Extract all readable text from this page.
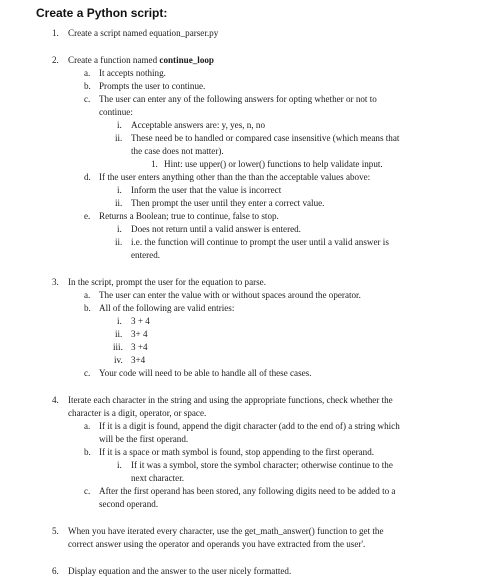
Create a Python script:
1. Create a script named equation_parser.py
2. Create a function named continue_loop
a. It accepts nothing.
b. Prompts the user to continue.
c. The user can enter any of the following answers for opting whether or not to
continue:
i. Acceptable answers are: y, yes, n, no
ii. These need be to handled or compared case insensitive (which means that
the case does not matter).
1. Hint: use upper() or lower() functions to help validate input.
d. If the user enters anything other than the than the acceptable values above:
i. Inform the user that the value is incorrect
ii. Then prompt the user until they enter a correct value.
e. Returns a Boolean; true to continue, false to stop.
i. Does not return until a valid answer is entered.
ii. i.e. the function will continue to prompt the user until a valid answer is
entered.
3. In the script, prompt the user for the equation to parse.
a. The user can enter the value with or without spaces around the operator.
b. All of the following are valid entries:
i. 3 + 4
ii. 3+ 4
iii. 3 +4
iv. 3+4
c. Your code will need to be able to handle all of these cases.
4. Iterate each character in the string and using the appropriate functions, check whether the
character is a digit, operator, or space.
a. If it is a digit is found, append the digit character (add to the end of) a string which
will be the first operand.
b. If it is a space or math symbol is found, stop appending to the first operand.
i. If it was a symbol, store the symbol character; otherwise continue to the
next character.
c. After the first operand has been stored, any following digits need to be added to a
second operand.
5. When you have iterated every character, use the get_math_answer() function to get the
correct answer using the operator and operands you have extracted from the user'.
6. Display equation and the answer to the user nicely formatted.
